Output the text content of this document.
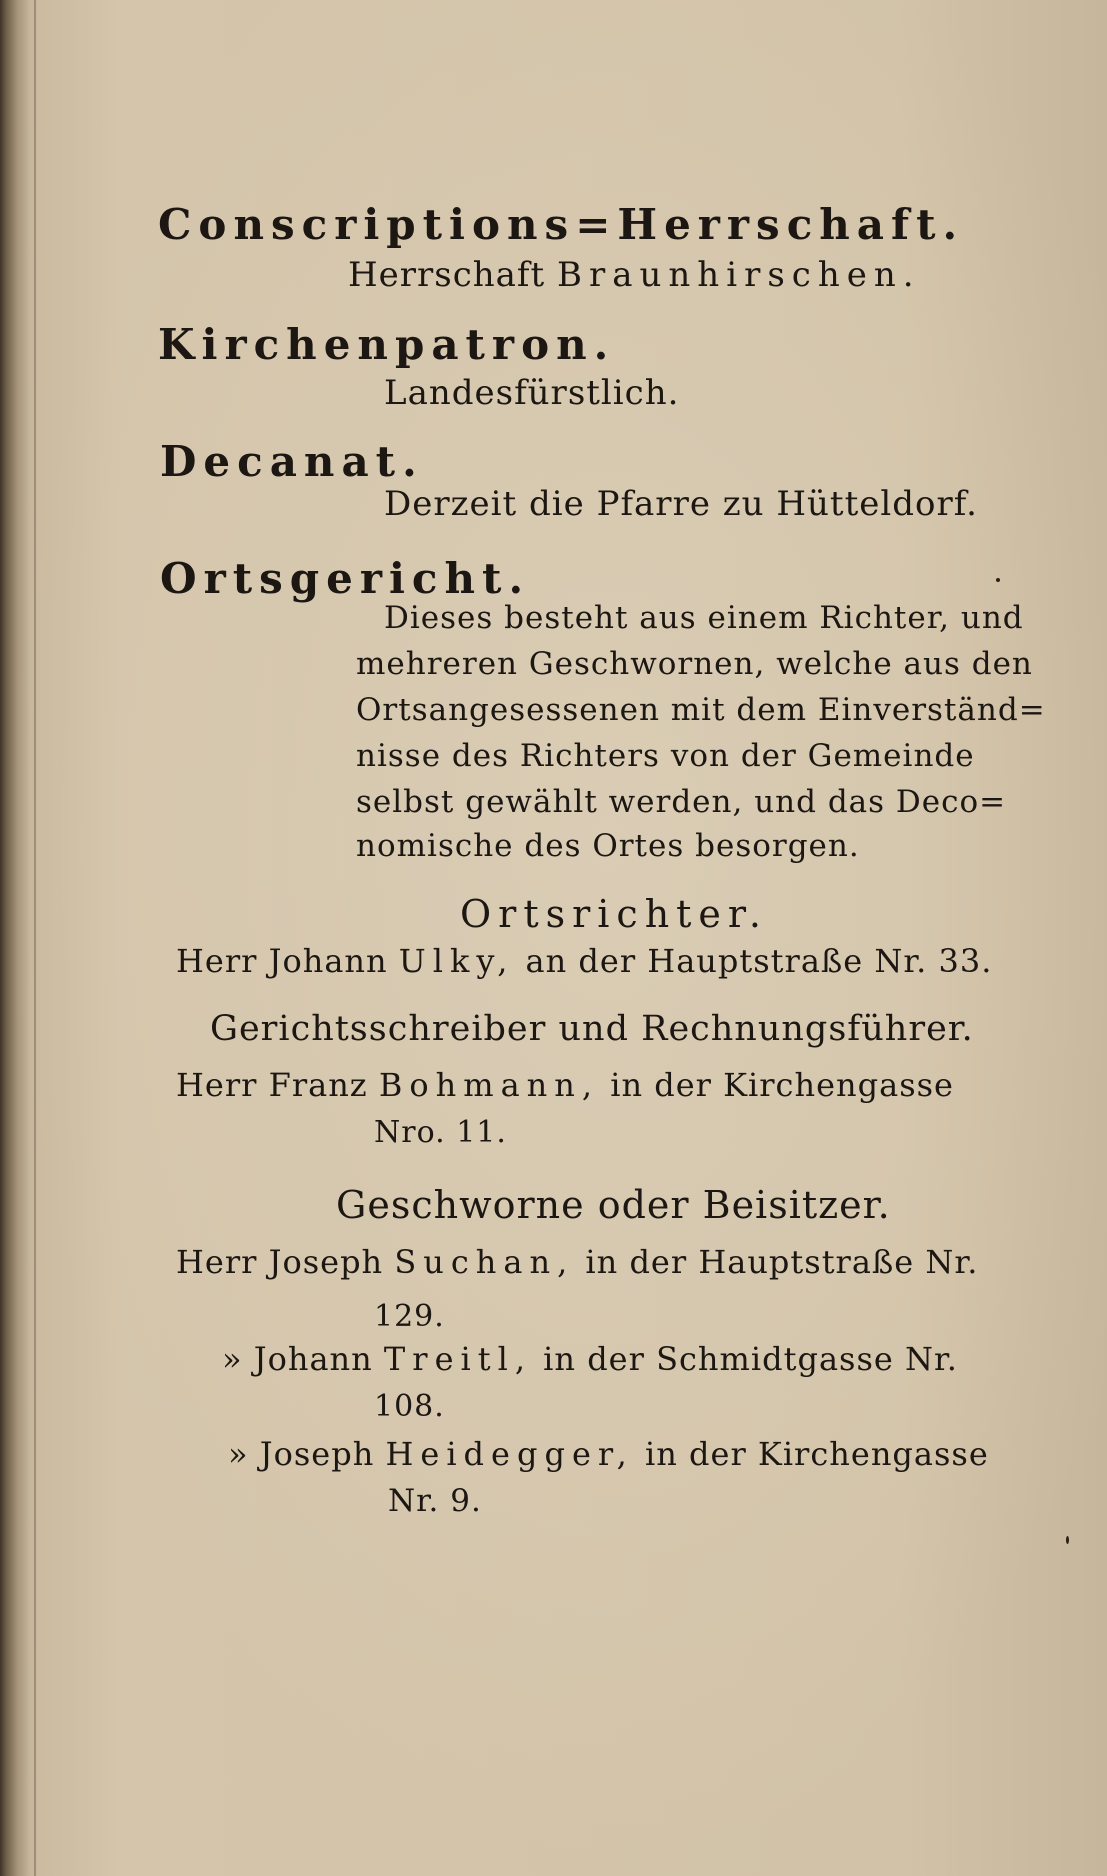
Conscriptions=Herrschaft.
Herrschaft Braunhirschen.
Kirchenpatron.
Landesfürstlich.
Decanat.
Derzeit die Pfarre zu Hütteldorf.
Ortsgericht.
Dieses besteht aus einem Richter, und
mehreren Geschwornen, welche aus den
Ortsangesessenen mit dem Einverständ=
nisse des Richters von der Gemeinde
selbst gewählt werden, und das Deco=
nomische des Ortes besorgen.
Ortsrichter.
Herr Johann Ulky, an der Hauptstraße Nr. 33.
Gerichtsschreiber und Rechnungsführer.
Herr Franz Bohmann, in der Kirchengasse
Nro. 11.
Geschworne oder Beisitzer.
Herr Joseph Suchan, in der Hauptstraße Nr.
129.
» Johann Treitl, in der Schmidtgasse Nr.
108.
» Joseph Heidegger, in der Kirchengasse
Nr. 9.
